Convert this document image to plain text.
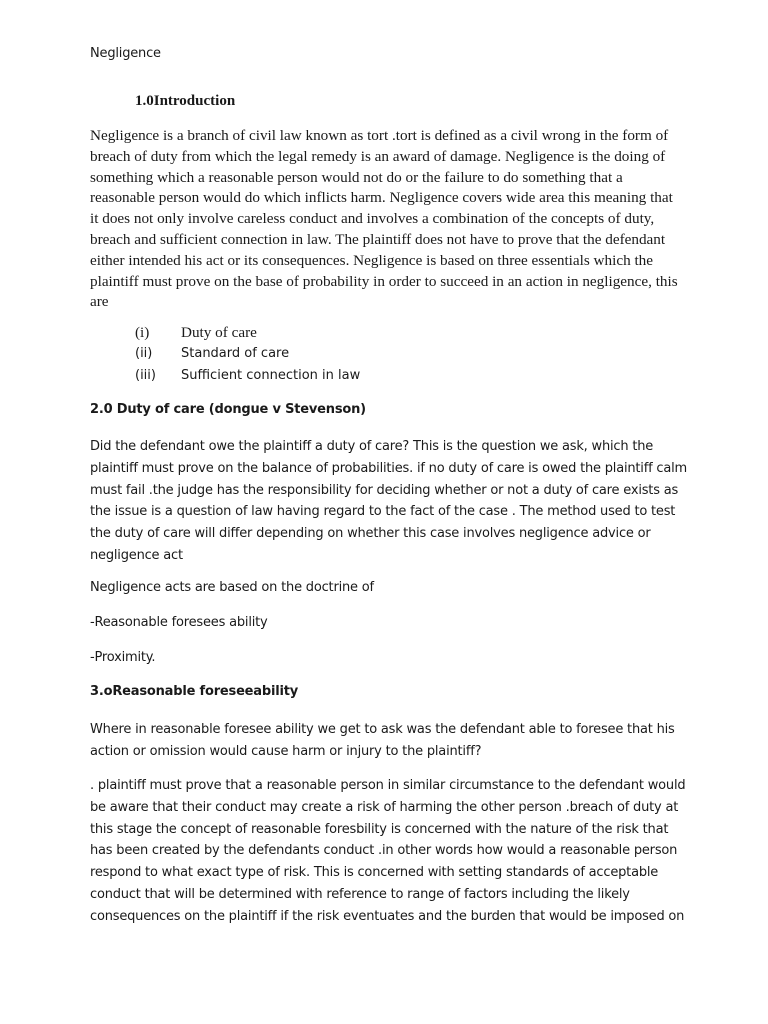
Negligence

1.0Introduction

Negligence is a branch of civil law known as tort .tort is defined as a civil wrong in the form of breach of duty from which the legal remedy is an award of damage. Negligence is the doing of something which a reasonable person would not do or the failure to do something that a reasonable person would do which inflicts harm. Negligence covers wide area this meaning that it does not only involve careless conduct and involves a combination of the concepts of duty, breach and sufficient connection in law. The plaintiff does not have to prove that the defendant either intended his act or its consequences. Negligence is based on three essentials which the plaintiff must prove on the base of probability in order to succeed in an action in negligence, this are

(i) Duty of care
(ii) Standard of care
(iii) Sufficient connection in law

2.0 Duty of care (dongue v Stevenson)

Did the defendant owe the plaintiff a duty of care? This is the question we ask, which the plaintiff must prove on the balance of probabilities. if no duty of care is owed the plaintiff calm must fail .the judge has the responsibility for deciding whether or not a duty of care exists as the issue is a question of law having regard to the fact of the case . The method used to test the duty of care will differ depending on whether this case involves negligence advice or negligence act

Negligence acts are based on the doctrine of

-Reasonable foresees ability

-Proximity.

3.oReasonable foreseeability

Where in reasonable foresee ability we get to ask was the defendant able to foresee that his action or omission would cause harm or injury to the plaintiff?

. plaintiff must prove that a reasonable person in similar circumstance to the defendant would be aware that their conduct may create a risk of harming the other person .breach of duty at this stage the concept of reasonable foresbility is concerned with the nature of the risk that has been created by the defendants conduct .in other words how would a reasonable person respond to what exact type of risk. This is concerned with setting standards of acceptable conduct that will be determined with reference to range of factors including the likely consequences on the plaintiff if the risk eventuates and the burden that would be imposed on
